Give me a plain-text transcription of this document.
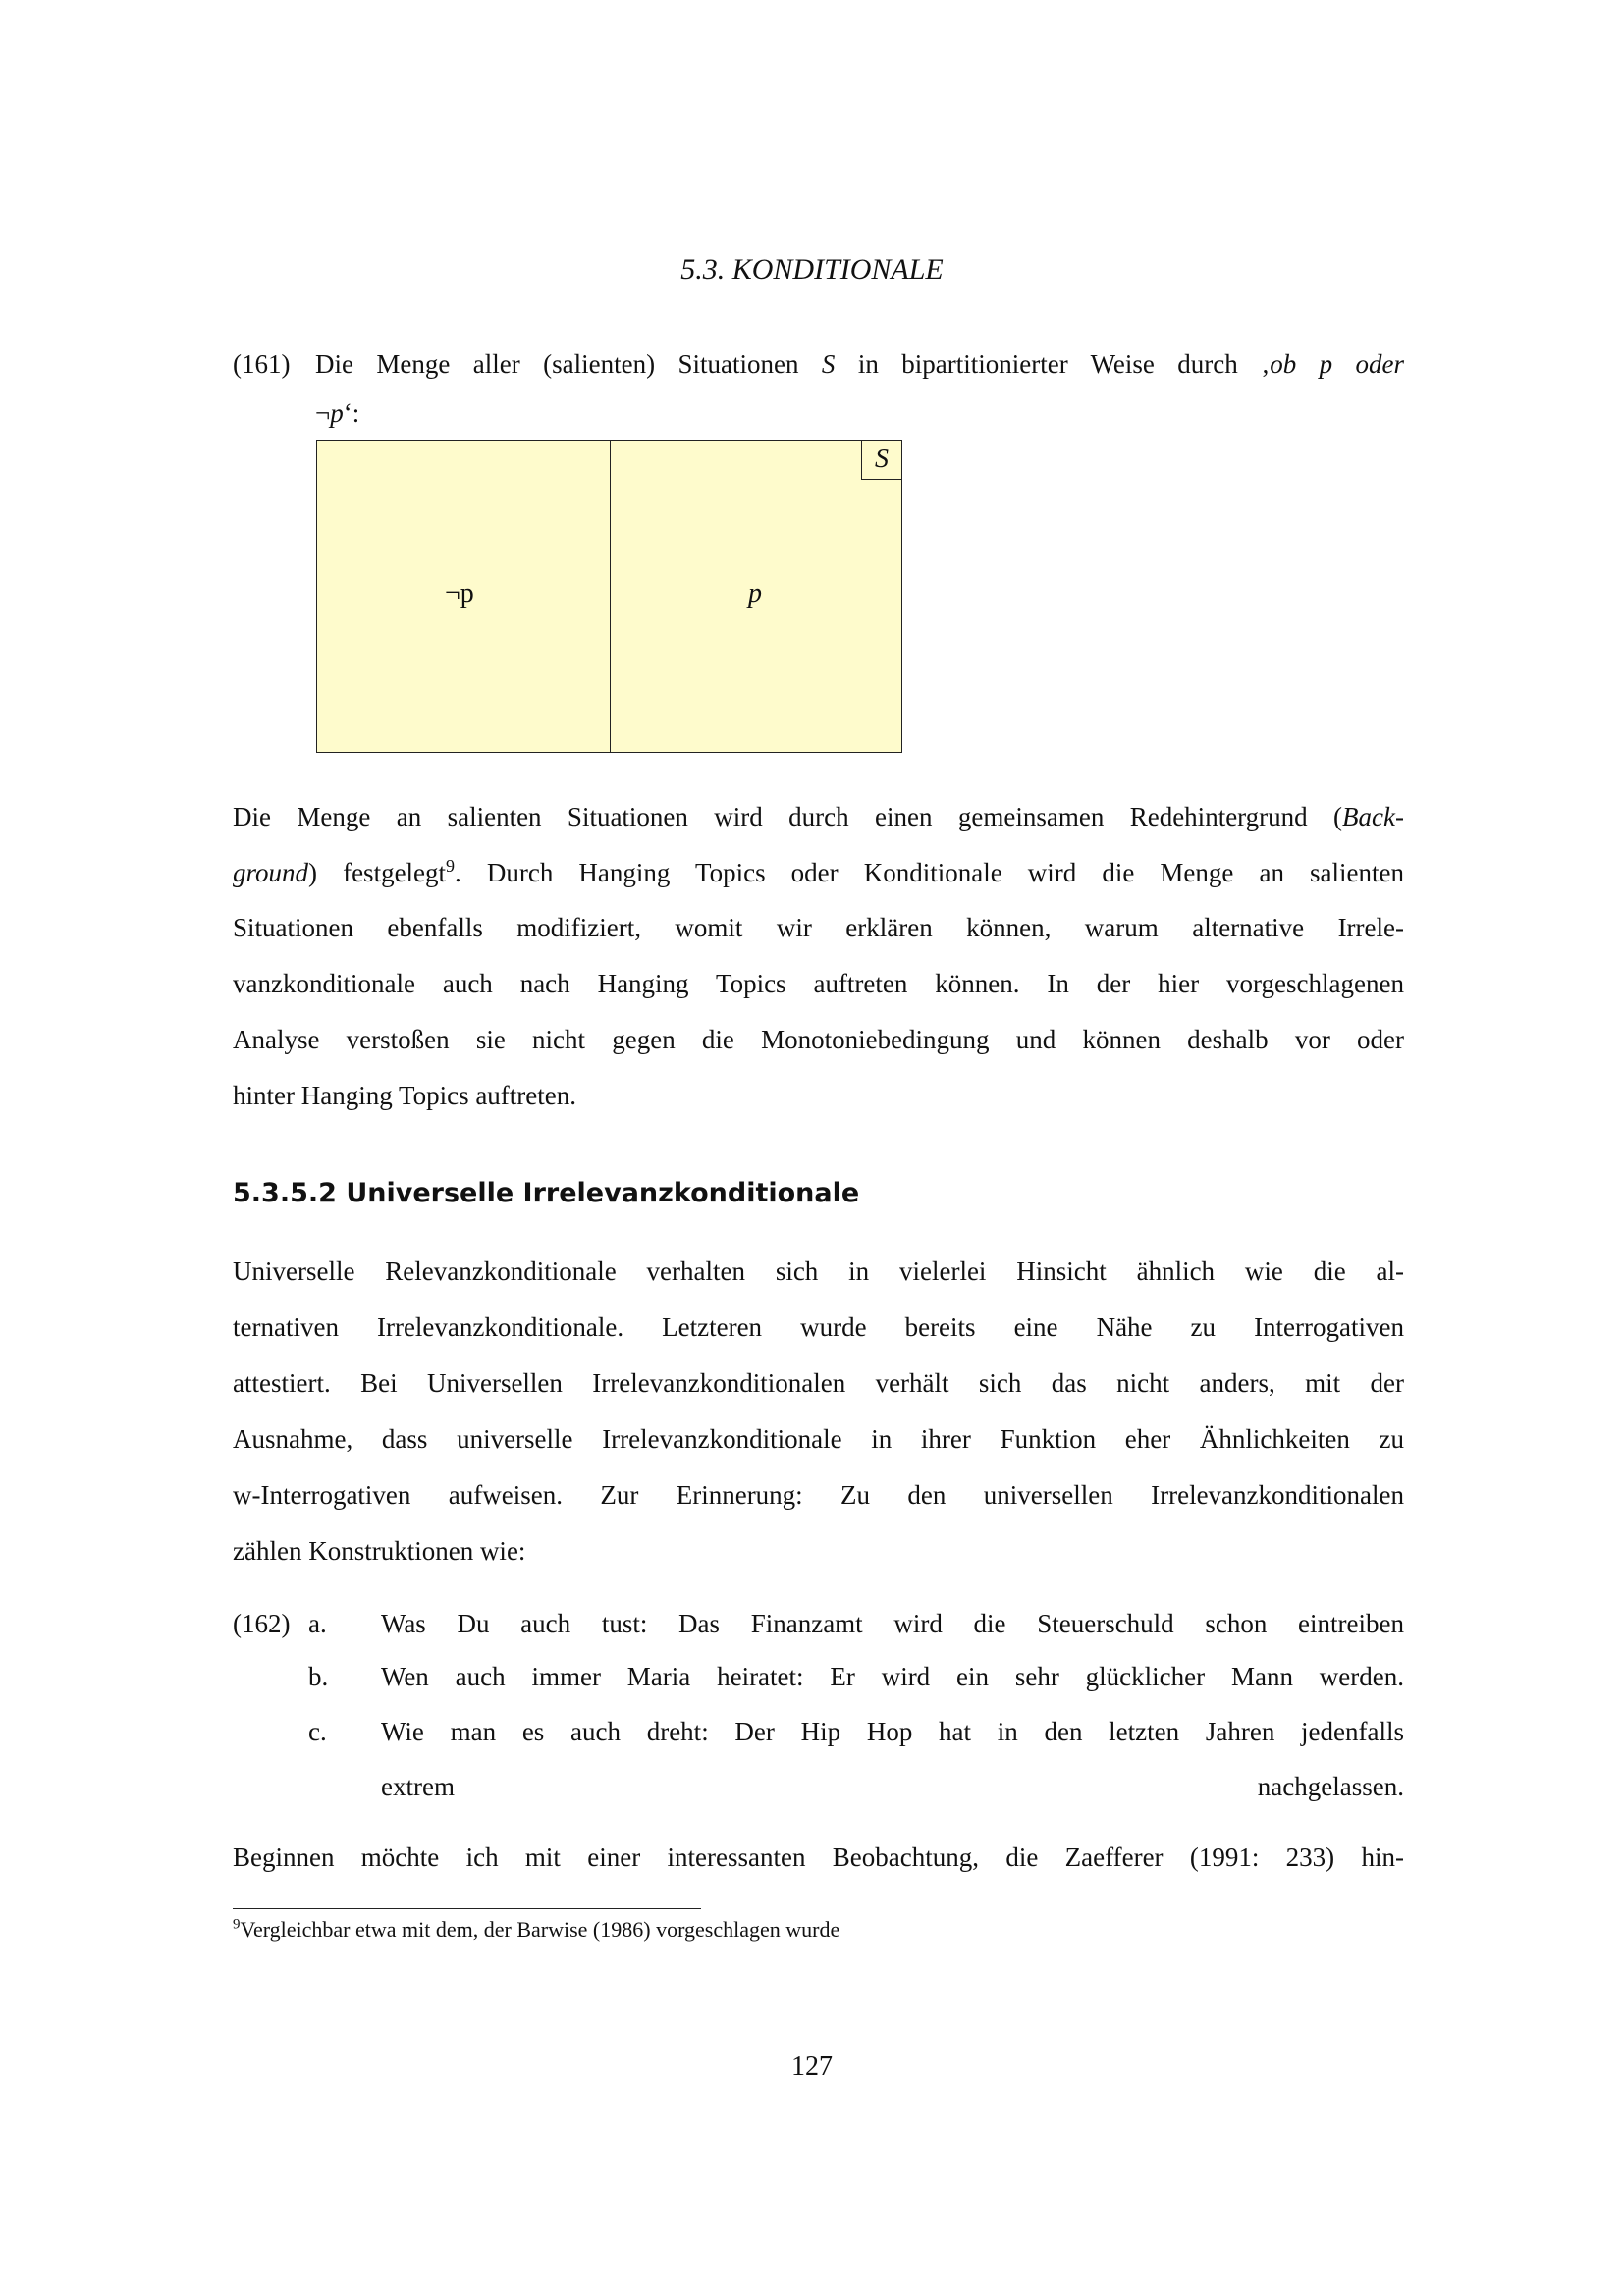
5.3. KONDITIONALE
(161) Die Menge aller (salienten) Situationen S in bipartitionierter Weise durch ‚ob p oder
¬p‘:
S
¬p	p
Die Menge an salienten Situationen wird durch einen gemeinsamen Redehintergrund (Back-
ground) festgelegt$^9$. Durch Hanging Topics oder Konditionale wird die Menge an salienten
Situationen ebenfalls modifiziert, womit wir erklären können, warum alternative Irrele-
vanzkonditionale auch nach Hanging Topics auftreten können. In der hier vorgeschlagenen
Analyse verstoßen sie nicht gegen die Monotoniebedingung und können deshalb vor oder
hinter Hanging Topics auftreten.
5.3.5.2 Universelle Irrelevanzkonditionale
Universelle Relevanzkonditionale verhalten sich in vielerlei Hinsicht ähnlich wie die al-
ternativen Irrelevanzkonditionale. Letzteren wurde bereits eine Nähe zu Interrogativen
attestiert. Bei Universellen Irrelevanzkonditionalen verhält sich das nicht anders, mit der
Ausnahme, dass universelle Irrelevanzkonditionale in ihrer Funktion eher Ähnlichkeiten zu
w-Interrogativen aufweisen. Zur Erinnerung: Zu den universellen Irrelevanzkonditionalen
zählen Konstruktionen wie:
(162) a. Was Du auch tust: Das Finanzamt wird die Steuerschuld schon eintreiben
b. Wen auch immer Maria heiratet: Er wird ein sehr glücklicher Mann werden.
c. Wie man es auch dreht: Der Hip Hop hat in den letzten Jahren jedenfalls
extrem nachgelassen.
Beginnen möchte ich mit einer interessanten Beobachtung, die Zaefferer (1991: 233) hin-
$^9$Vergleichbar etwa mit dem, der Barwise (1986) vorgeschlagen wurde
127
